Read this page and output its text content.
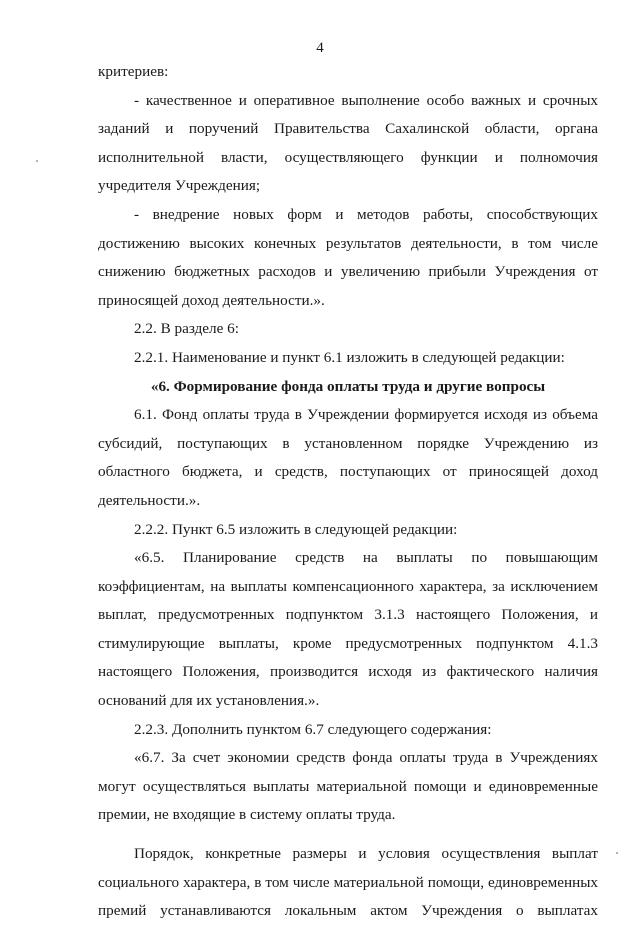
4

критериев:

- качественное и оперативное выполнение особо важных и срочных заданий и поручений Правительства Сахалинской области, органа исполнительной власти, осуществляющего функции и полномочия учредителя Учреждения;

- внедрение новых форм и методов работы, способствующих достижению высоких конечных результатов деятельности, в том числе снижению бюджетных расходов и увеличению прибыли Учреждения от приносящей доход деятельности.».

2.2. В разделе 6:

2.2.1. Наименование и пункт 6.1 изложить в следующей редакции:

«6. Формирование фонда оплаты труда и другие вопросы

6.1. Фонд оплаты труда в Учреждении формируется исходя из объема субсидий, поступающих в установленном порядке Учреждению из областного бюджета, и средств, поступающих от приносящей доход деятельности.».

2.2.2. Пункт 6.5 изложить в следующей редакции:

«6.5. Планирование средств на выплаты по повышающим коэффициентам, на выплаты компенсационного характера, за исключением выплат, предусмотренных подпунктом 3.1.3 настоящего Положения, и стимулирующие выплаты, кроме предусмотренных подпунктом 4.1.3 настоящего Положения, производится исходя из фактического наличия оснований для их установления.».

2.2.3. Дополнить пунктом 6.7 следующего содержания:

«6.7. За счет экономии средств фонда оплаты труда в Учреждениях могут осуществляться выплаты материальной помощи и единовременные премии, не входящие в систему оплаты труда.

Порядок, конкретные размеры и условия осуществления выплат социального характера, в том числе материальной помощи, единовременных премий устанавливаются локальным актом Учреждения о выплатах
